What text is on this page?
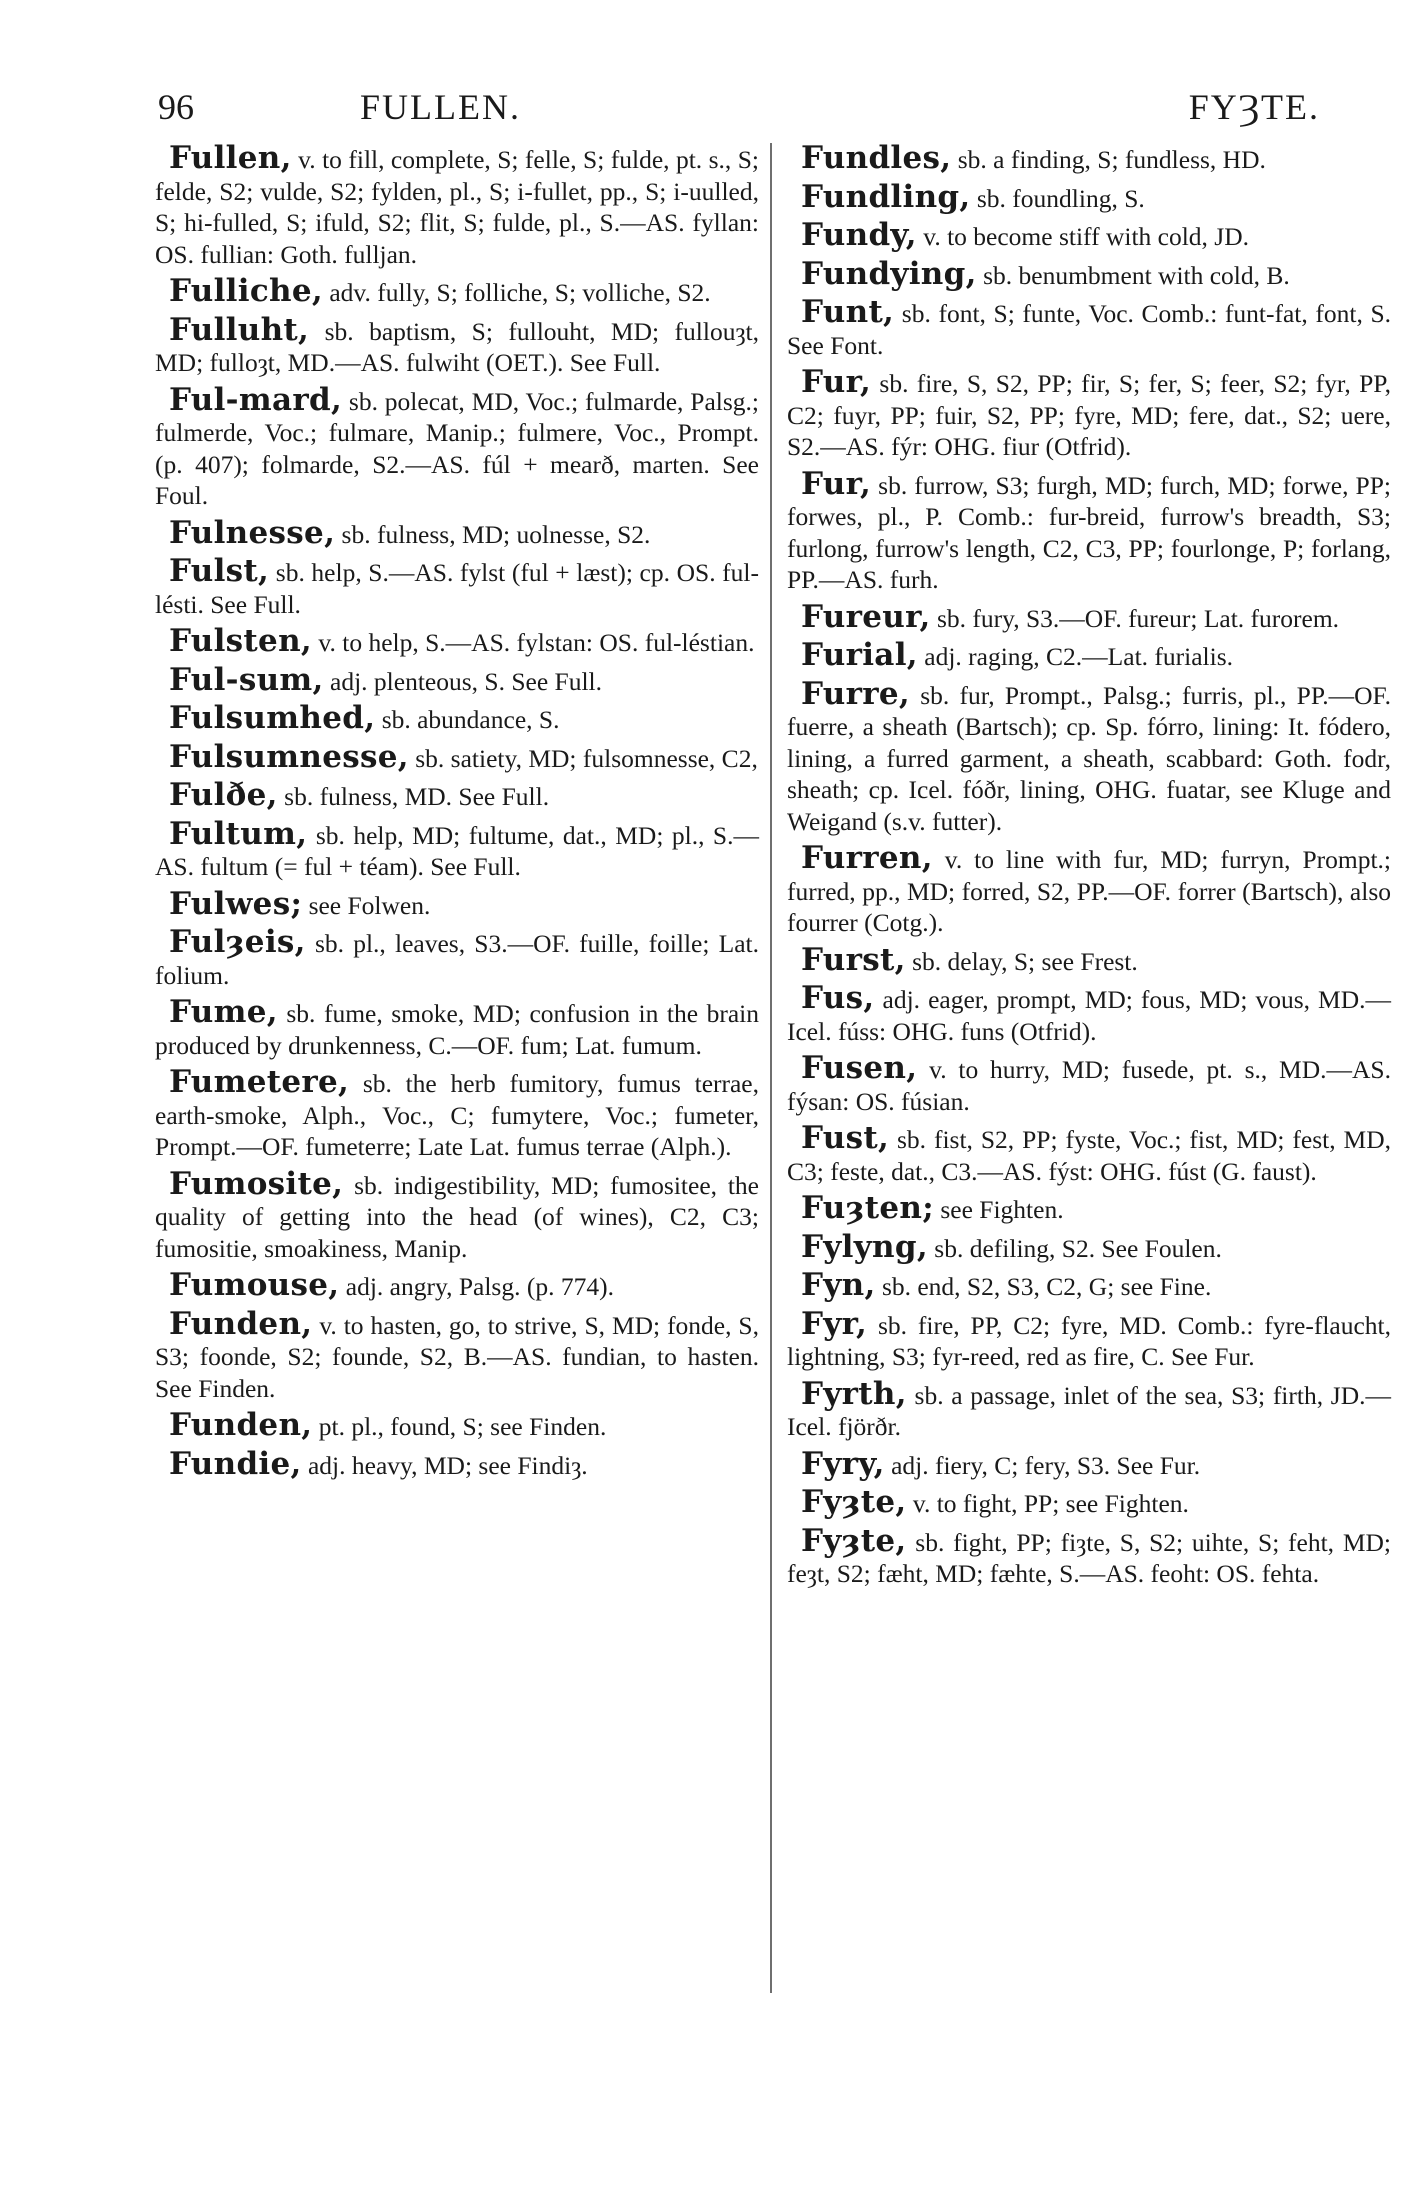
96	FULLEN.	FYȜTE.

Fullen, v. to fill, complete, S; felle, S; fulde, pt. s., S; felde, S2; vulde, S2; fylden, pl., S; i-fullet, pp., S; i-uulled, S; hi-fulled, S; ifuld, S2; flit, S; fulde, pl., S.—AS. fyllan: OS. fullian: Goth. fulljan.

Fulliche, adv. fully, S; folliche, S; volliche, S2.

Fulluht, sb. baptism, S; fullouht, MD; fullouȝt, MD; fulloȝt, MD.—AS. fulwiht (OET.). See Full.

Ful-mard, sb. polecat, MD, Voc.; fulmarde, Palsg.; fulmerde, Voc.; fulmare, Manip.; fulmere, Voc., Prompt. (p. 407); folmarde, S2.—AS. fúl + mearð, marten. See Foul.

Fulnesse, sb. fulness, MD; uolnesse, S2.

Fulst, sb. help, S.—AS. fylst (ful + læst); cp. OS. ful-lésti. See Full.

Fulsten, v. to help, S.—AS. fylstan: OS. ful-léstian.

Ful-sum, adj. plenteous, S. See Full.

Fulsumhed, sb. abundance, S.

Fulsumnesse, sb. satiety, MD; fulsomnesse, C2,

Fulðe, sb. fulness, MD. See Full.

Fultum, sb. help, MD; fultume, dat., MD; pl., S.—AS. fultum (= ful + téam). See Full.

Fulwes; see Folwen.

Fulȝeis, sb. pl., leaves, S3.—OF. fuille, foille; Lat. folium.

Fume, sb. fume, smoke, MD; confusion in the brain produced by drunkenness, C.—OF. fum; Lat. fumum.

Fumetere, sb. the herb fumitory, fumus terrae, earth-smoke, Alph., Voc., C; fumytere, Voc.; fumeter, Prompt.—OF. fumeterre; Late Lat. fumus terrae (Alph.).

Fumosite, sb. indigestibility, MD; fumositee, the quality of getting into the head (of wines), C2, C3; fumositie, smoakiness, Manip.

Fumouse, adj. angry, Palsg. (p. 774).

Funden, v. to hasten, go, to strive, S, MD; fonde, S, S3; foonde, S2; founde, S2, B.—AS. fundian, to hasten. See Finden.

Funden, pt. pl., found, S; see Finden.

Fundie, adj. heavy, MD; see Findiȝ.

Fundles, sb. a finding, S; fundless, HD.

Fundling, sb. foundling, S.

Fundy, v. to become stiff with cold, JD.

Fundying, sb. benumbment with cold, B.

Funt, sb. font, S; funte, Voc. Comb.: funt-fat, font, S. See Font.

Fur, sb. fire, S, S2, PP; fir, S; fer, S; feer, S2; fyr, PP, C2; fuyr, PP; fuir, S2, PP; fyre, MD; fere, dat., S2; uere, S2.—AS. fýr: OHG. fiur (Otfrid).

Fur, sb. furrow, S3; furgh, MD; furch, MD; forwe, PP; forwes, pl., P. Comb.: fur-breid, furrow's breadth, S3; furlong, furrow's length, C2, C3, PP; fourlonge, P; forlang, PP.—AS. furh.

Fureur, sb. fury, S3.—OF. fureur; Lat. furorem.

Furial, adj. raging, C2.—Lat. furialis.

Furre, sb. fur, Prompt., Palsg.; furris, pl., PP.—OF. fuerre, a sheath (Bartsch); cp. Sp. fórro, lining: It. fódero, lining, a furred garment, a sheath, scabbard: Goth. fodr, sheath; cp. Icel. fóðr, lining, OHG. fuatar, see Kluge and Weigand (s.v. futter).

Furren, v. to line with fur, MD; furryn, Prompt.; furred, pp., MD; forred, S2, PP.—OF. forrer (Bartsch), also fourrer (Cotg.).

Furst, sb. delay, S; see Frest.

Fus, adj. eager, prompt, MD; fous, MD; vous, MD.—Icel. fúss: OHG. funs (Otfrid).

Fusen, v. to hurry, MD; fusede, pt. s., MD.—AS. fýsan: OS. fúsian.

Fust, sb. fist, S2, PP; fyste, Voc.; fist, MD; fest, MD, C3; feste, dat., C3.—AS. fýst: OHG. fúst (G. faust).

Fuȝten; see Fighten.

Fylyng, sb. defiling, S2. See Foulen.

Fyn, sb. end, S2, S3, C2, G; see Fine.

Fyr, sb. fire, PP, C2; fyre, MD. Comb.: fyre-flaucht, lightning, S3; fyr-reed, red as fire, C. See Fur.

Fyrth, sb. a passage, inlet of the sea, S3; firth, JD.—Icel. fjörðr.

Fyry, adj. fiery, C; fery, S3. See Fur.

Fyȝte, v. to fight, PP; see Fighten.

Fyȝte, sb. fight, PP; fiȝte, S, S2; uihte, S; feht, MD; feȝt, S2; fæht, MD; fæhte, S.—AS. feoht: OS. fehta.
